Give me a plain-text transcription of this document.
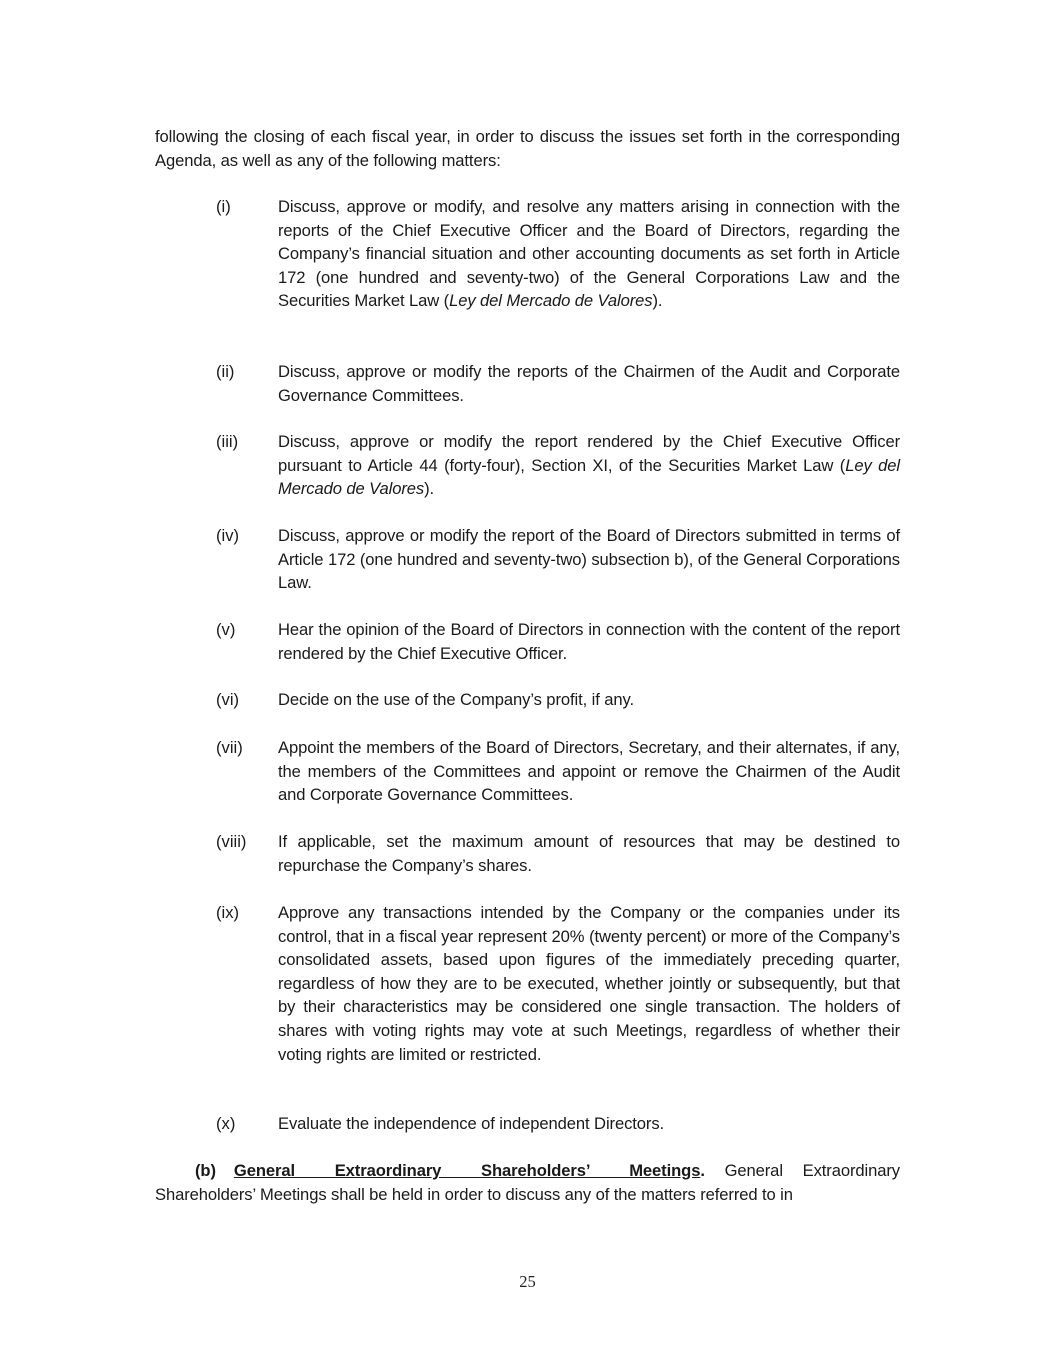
following the closing of each fiscal year, in order to discuss the issues set forth in the corresponding Agenda, as well as any of the following matters:
(i)	Discuss, approve or modify, and resolve any matters arising in connection with the reports of the Chief Executive Officer and the Board of Directors, regarding the Company’s financial situation and other accounting documents as set forth in Article 172 (one hundred and seventy-two) of the General Corporations Law and the Securities Market Law (Ley del Mercado de Valores).
(ii)	Discuss, approve or modify the reports of the Chairmen of the Audit and Corporate Governance Committees.
(iii)	Discuss, approve or modify the report rendered by the Chief Executive Officer pursuant to Article 44 (forty-four), Section XI, of the Securities Market Law (Ley del Mercado de Valores).
(iv)	Discuss, approve or modify the report of the Board of Directors submitted in terms of Article 172 (one hundred and seventy-two) subsection b), of the General Corporations Law.
(v)	Hear the opinion of the Board of Directors in connection with the content of the report rendered by the Chief Executive Officer.
(vi)	Decide on the use of the Company’s profit, if any.
(vii)	Appoint the members of the Board of Directors, Secretary, and their alternates, if any, the members of the Committees and appoint or remove the Chairmen of the Audit and Corporate Governance Committees.
(viii)	If applicable, set the maximum amount of resources that may be destined to repurchase the Company’s shares.
(ix)	Approve any transactions intended by the Company or the companies under its control, that in a fiscal year represent 20% (twenty percent) or more of the Company’s consolidated assets, based upon figures of the immediately preceding quarter, regardless of how they are to be executed, whether jointly or subsequently, but that by their characteristics may be considered one single transaction. The holders of shares with voting rights may vote at such Meetings, regardless of whether their voting rights are limited or restricted.
(x)	Evaluate the independence of independent Directors.
(b) General Extraordinary Shareholders’ Meetings. General Extraordinary Shareholders’ Meetings shall be held in order to discuss any of the matters referred to in
25
